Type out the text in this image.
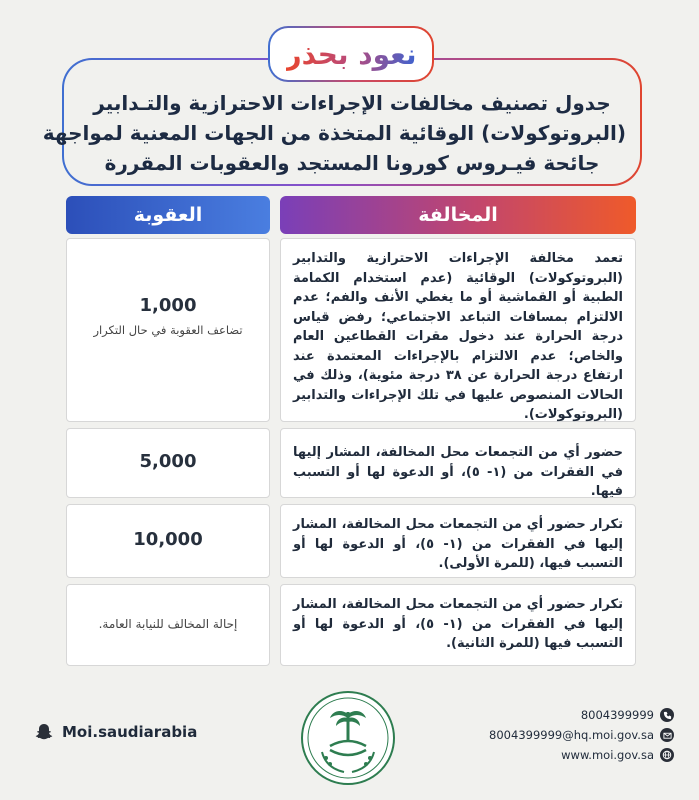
نعود بحذر
جدول تصنيف مخالفات الإجراءات الاحترازية والتـدابير
(البروتوكولات) الوقائية المتخذة من الجهات المعنية لمواجهة
جائحة فيـروس كورونا المستجد والعقوبات المقررة
العقوبة	المخالفة
تعمد مخالفة الإجراءات الاحترازية والتدابير (البروتوكولات) الوقائية (عدم استخدام الكمامة الطبية أو القماشية أو ما يغطي الأنف والفم؛ عدم الالتزام بمسافات التباعد الاجتماعي؛ رفض قياس درجة الحرارة عند دخول مقرات القطاعين العام والخاص؛ عدم الالتزام بالإجراءات المعتمدة عند ارتفاع درجة الحرارة عن ٣٨ درجة مئوية)، وذلك في الحالات المنصوص عليها في تلك الإجراءات والتدابير (البروتوكولات).
1,000
تضاعف العقوبة في حال التكرار
حضور أي من التجمعات محل المخالفة، المشار إليها في الفقرات من (١- ٥)، أو الدعوة لها أو التسبب فيها.
5,000
تكرار حضور أي من التجمعات محل المخالفة، المشار إليها في الفقرات من (١- ٥)، أو الدعوة لها أو التسبب فيها، (للمرة الأولى).
10,000
تكرار حضور أي من التجمعات محل المخالفة، المشار إليها في الفقرات من (١- ٥)، أو الدعوة لها أو التسبب فيها (للمرة الثانية).
إحالة المخالف للنيابة العامة.
Moi.saudiarabia
8004399999
8004399999@hq.moi.gov.sa
www.moi.gov.sa
